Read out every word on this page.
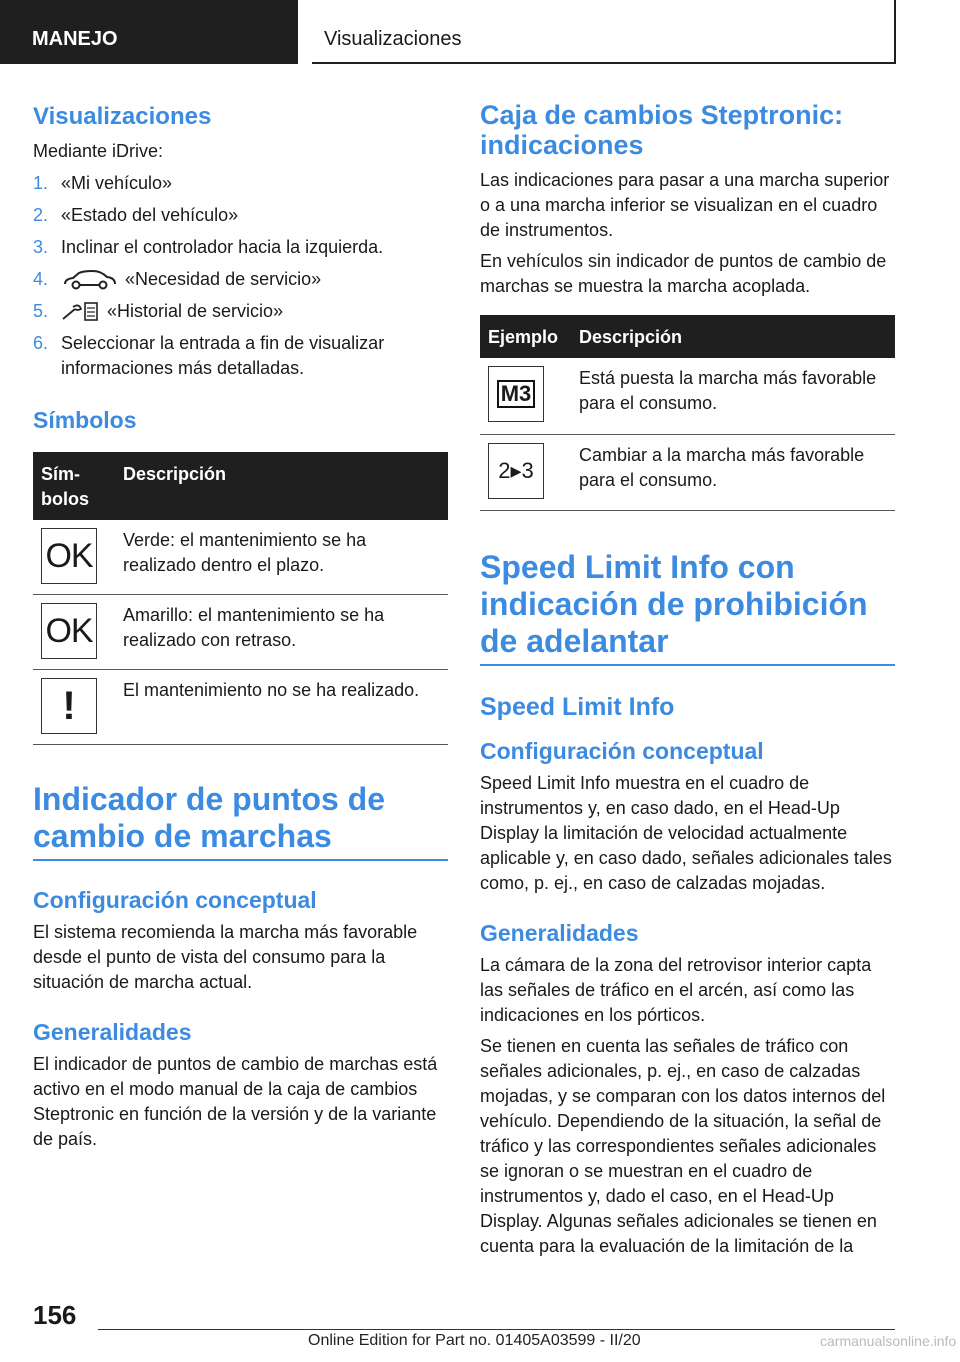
MANEJO	Visualizaciones
Visualizaciones

Mediante iDrive:

1. «Mi vehículo»
2. «Estado del vehículo»
3. Inclinar el controlador hacia la izquierda.
4.	«Necesidad de servicio»
5.	«Historial de servicio»
6. Seleccionar la entrada a fin de visualizar informaciones más detalladas.
Símbolos
Sím-bolos	Descripción

OK	Verde: el mantenimiento se ha realizado dentro el plazo.

OK	Amarillo: el mantenimiento se ha realizado con retraso.

!	El mantenimiento no se ha realizado.
Indicador de puntos de cambio de marchas
Configuración conceptual

El sistema recomienda la marcha más favorable desde el punto de vista del consumo para la situación de marcha actual.

Generalidades

El indicador de puntos de cambio de marchas está activo en el modo manual de la caja de cambios Steptronic en función de la versión y de la variante de país.

Caja de cambios Steptronic: indicaciones

Las indicaciones para pasar a una marcha superior o a una marcha inferior se visualizan en el cuadro de instrumentos.

En vehículos sin indicador de puntos de cambio de marchas se muestra la marcha acoplada.

Ejemplo	Descripción

M3	Está puesta la marcha más favorable para el consumo.

2▸3	Cambiar a la marcha más favorable para el consumo.
Speed Limit Info con indicación de prohibición de adelantar
Speed Limit Info
Configuración conceptual

Speed Limit Info muestra en el cuadro de instrumentos y, en caso dado, en el Head-Up Display la limitación de velocidad actualmente aplicable y, en caso dado, señales adicionales tales como, p. ej., en caso de calzadas mojadas.

Generalidades

La cámara de la zona del retrovisor interior capta las señales de tráfico en el arcén, así como las indicaciones en los pórticos.

Se tienen en cuenta las señales de tráfico con señales adicionales, p. ej., en caso de calzadas mojadas, y se comparan con los datos internos del vehículo. Dependiendo de la situación, la señal de tráfico y las correspondientes señales adicionales se ignoran o se muestran en el cuadro de instrumentos y, dado el caso, en el Head-Up Display. Algunas señales adicionales se tienen en cuenta para la evaluación de la limitación de la

156
Online Edition for Part no. 01405A03599 - II/20	carmanualsonline.info
